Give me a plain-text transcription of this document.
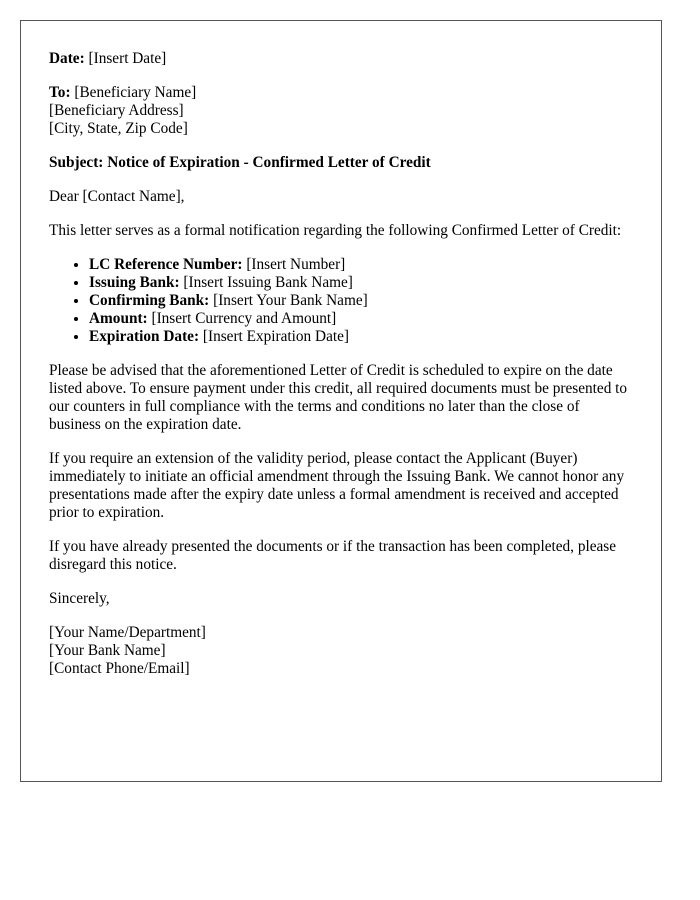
Date: [Insert Date]

To: [Beneficiary Name]
[Beneficiary Address]
[City, State, Zip Code]

Subject: Notice of Expiration - Confirmed Letter of Credit

Dear [Contact Name],

This letter serves as a formal notification regarding the following Confirmed Letter of Credit:

• LC Reference Number: [Insert Number]
• Issuing Bank: [Insert Issuing Bank Name]
• Confirming Bank: [Insert Your Bank Name]
• Amount: [Insert Currency and Amount]
• Expiration Date: [Insert Expiration Date]

Please be advised that the aforementioned Letter of Credit is scheduled to expire on the date listed above. To ensure payment under this credit, all required documents must be presented to our counters in full compliance with the terms and conditions no later than the close of business on the expiration date.

If you require an extension of the validity period, please contact the Applicant (Buyer) immediately to initiate an official amendment through the Issuing Bank. We cannot honor any presentations made after the expiry date unless a formal amendment is received and accepted prior to expiration.

If you have already presented the documents or if the transaction has been completed, please disregard this notice.

Sincerely,

[Your Name/Department]
[Your Bank Name]
[Contact Phone/Email]
